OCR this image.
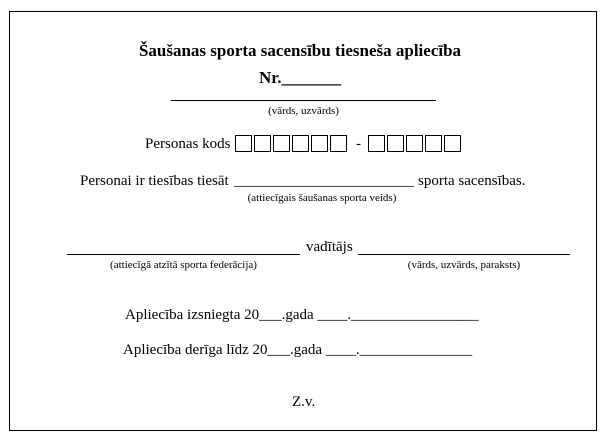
Šaušanas sporta sacensību tiesneša apliecība
Nr._______
(vārds, uzvārds)
Personas kods	-
Personai ir tiesības tiesāt ________________________ sporta sacensības.
(attiecīgais šaušanas sporta veids)
vadītājs
(attiecīgā atzītā sporta federācija)	(vārds, uzvārds, paraksts)
Apliecība izsniegta 20___.gada ____._________________
Apliecība derīga līdz 20___.gada ____._______________
Z.v.
